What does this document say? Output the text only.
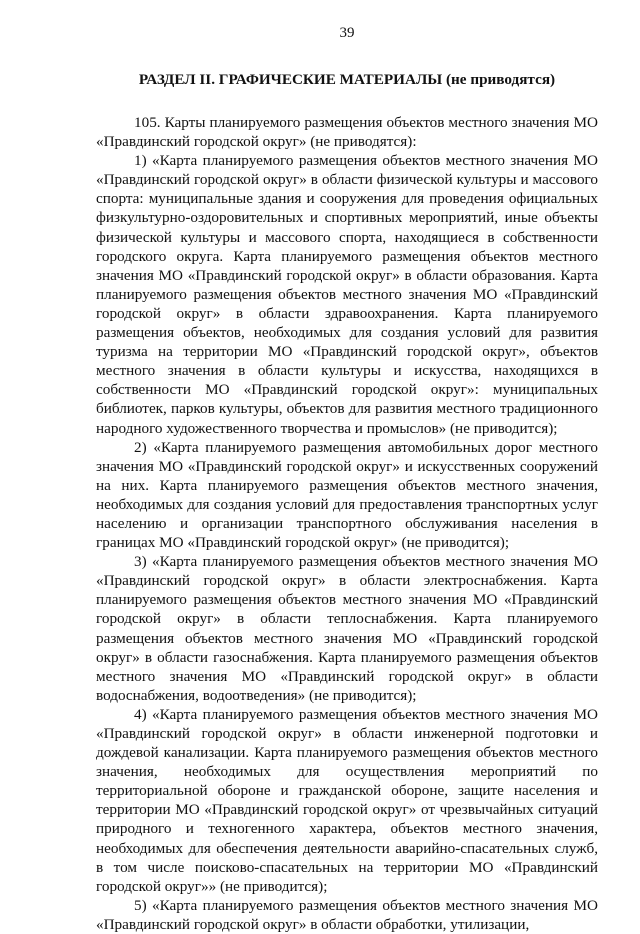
39
РАЗДЕЛ II. ГРАФИЧЕСКИЕ МАТЕРИАЛЫ (не приводятся)

105. Карты планируемого размещения объектов местного значения МО «Правдинский городской округ» (не приводятся):

1) «Карта планируемого размещения объектов местного значения МО «Правдинский городской округ» в области физической культуры и массового спорта: муниципальные здания и сооружения для проведения официальных физкультурно-оздоровительных и спортивных мероприятий, иные объекты физической культуры и массового спорта, находящиеся в собственности городского округа. Карта планируемого размещения объектов местного значения МО «Правдинский городской округ» в области образования. Карта планируемого размещения объектов местного значения МО «Правдинский городской округ» в области здравоохранения. Карта планируемого размещения объектов, необходимых для создания условий для развития туризма на территории МО «Правдинский городской округ», объектов местного значения в области культуры и искусства, находящихся в собственности МО «Правдинский городской округ»: муниципальных библиотек, парков культуры, объектов для развития местного традиционного народного художественного творчества и промыслов» (не приводится);

2) «Карта планируемого размещения автомобильных дорог местного значения МО «Правдинский городской округ» и искусственных сооружений на них. Карта планируемого размещения объектов местного значения, необходимых для создания условий для предоставления транспортных услуг населению и организации транспортного обслуживания населения в границах МО «Правдинский городской округ» (не приводится);

3) «Карта планируемого размещения объектов местного значения МО «Правдинский городской округ» в области электроснабжения. Карта планируемого размещения объектов местного значения МО «Правдинский городской округ» в области теплоснабжения. Карта планируемого размещения объектов местного значения МО «Правдинский городской округ» в области газоснабжения. Карта планируемого размещения объектов местного значения МО «Правдинский городской округ» в области водоснабжения, водоотведения» (не приводится);

4) «Карта планируемого размещения объектов местного значения МО «Правдинский городской округ» в области инженерной подготовки и дождевой канализации. Карта планируемого размещения объектов местного значения, необходимых для осуществления мероприятий по территориальной обороне и гражданской обороне, защите населения и территории МО «Правдинский городской округ» от чрезвычайных ситуаций природного и техногенного характера, объектов местного значения, необходимых для обеспечения деятельности аварийно-спасательных служб, в том числе поисково-спасательных на территории МО «Правдинский городской округ»» (не приводится);

5) «Карта планируемого размещения объектов местного значения МО «Правдинский городской округ» в области обработки, утилизации,
